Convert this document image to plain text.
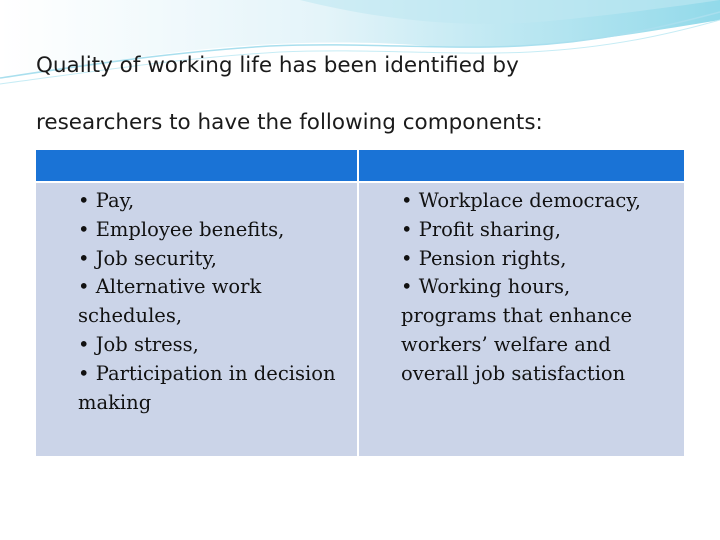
Quality of working life has been identified by
researchers to have the following components:
• Pay,
• Employee benefits,
• Job security,
• Alternative work
schedules,
• Job stress,
• Participation in decision
making
• Workplace democracy,
• Profit sharing,
• Pension rights,
• Working hours,
programs that enhance
workers’ welfare and
overall job satisfaction
